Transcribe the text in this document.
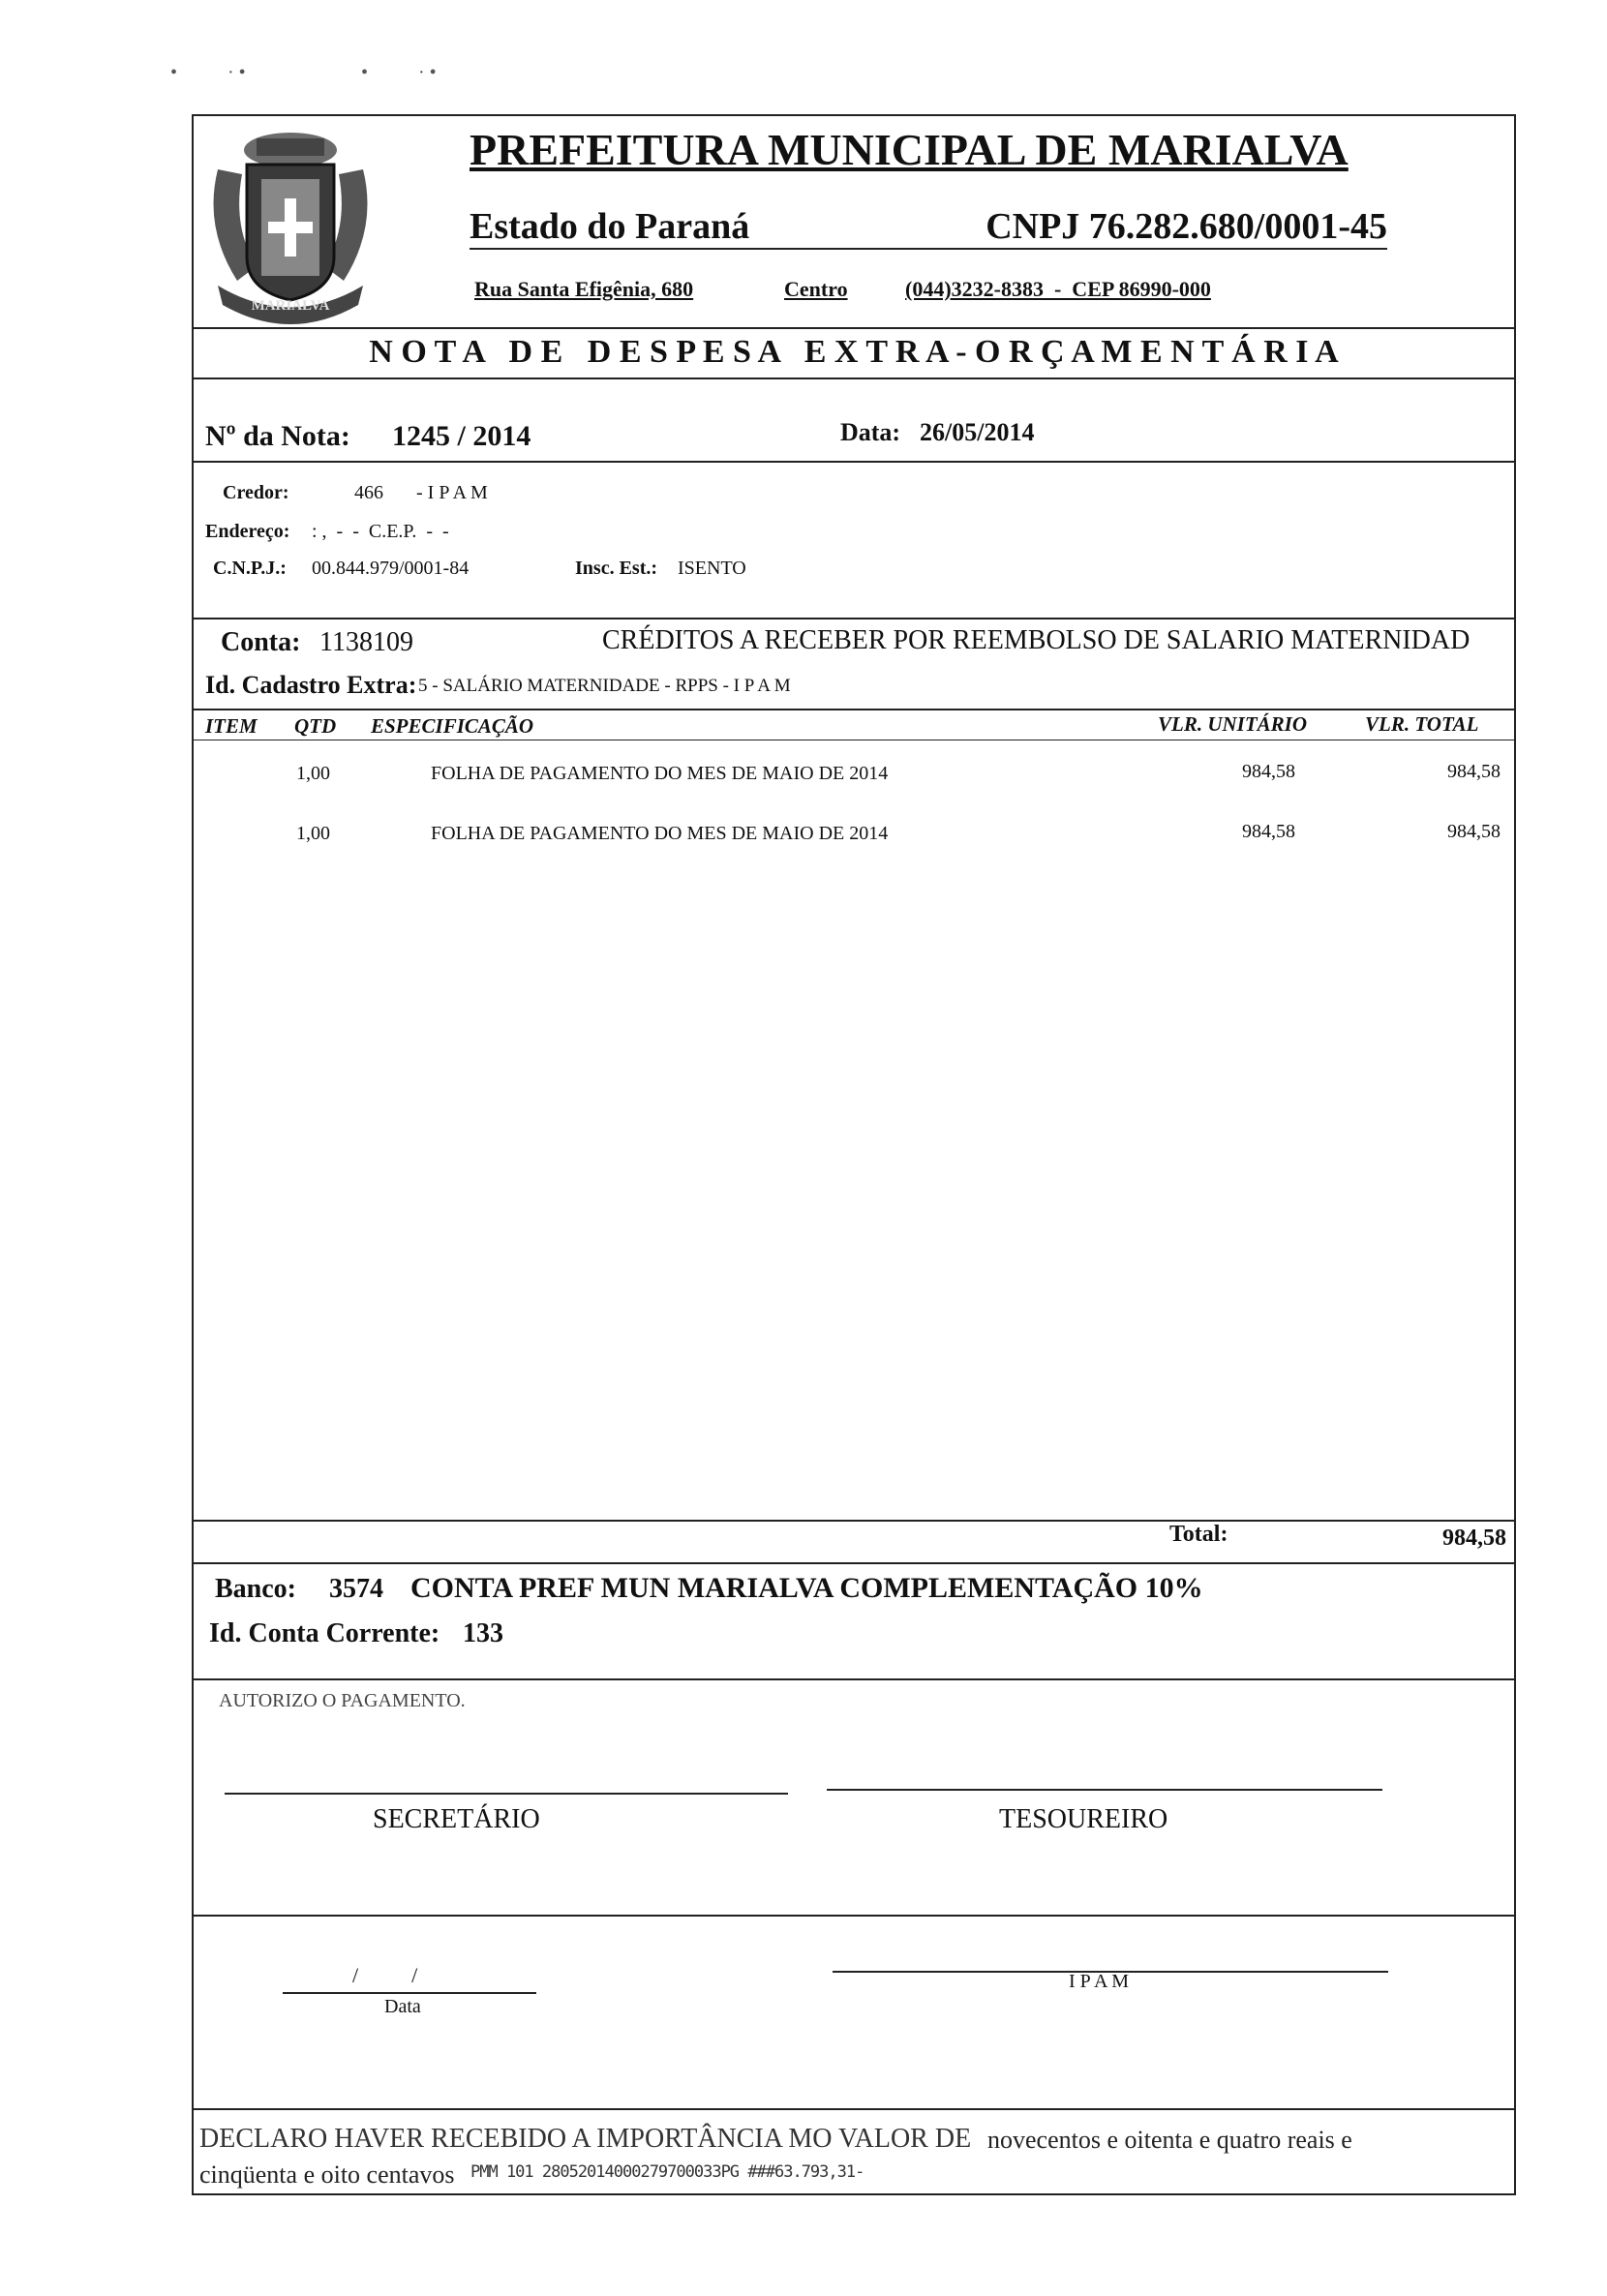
•	· •	•	· •
MARIALVA
PREFEITURA MUNICIPAL DE MARIALVA
Estado do Paraná	CNPJ 76.282.680/0001-45
Rua Santa Efigênia, 680	Centro	(044)3232-8383  -  CEP 86990-000
N O T A   D E   D E S P E S A   E X T R A - O R Ç A M E N T Á R I A
Nº da Nota: 1245 / 2014	Data: 26/05/2014
Credor:	466 - I P A M
Endereço: : ,  -  -  C.E.P.  -  -
C.N.P.J.: 00.844.979/0001-84	Insc. Est.: ISENTO
Conta: 1138109	CRÉDITOS A RECEBER POR REEMBOLSO DE SALARIO MATERNIDAD
Id. Cadastro Extra: 5 - SALÁRIO MATERNIDADE - RPPS - I P A M
ITEM QTD ESPECIFICAÇÃO	VLR. UNITÁRIO	VLR. TOTAL
1,00	FOLHA DE PAGAMENTO DO MES DE MAIO DE 2014	984,58	984,58
1,00	FOLHA DE PAGAMENTO DO MES DE MAIO DE 2014	984,58	984,58
Total:	984,58
Banco: 3574 CONTA PREF MUN MARIALVA COMPLEMENTAÇÃO 10%
Id. Conta Corrente: 133
AUTORIZO O PAGAMENTO.
SECRETÁRIO	TESOUREIRO
/          /
Data
I P A M
DECLARO HAVER RECEBIDO A IMPORTÂNCIA MO VALOR DE novecentos e oitenta e quatro reais e
cinqüenta e oito centavos PMM 101 28052014000279700033PG ###63.793,31-
